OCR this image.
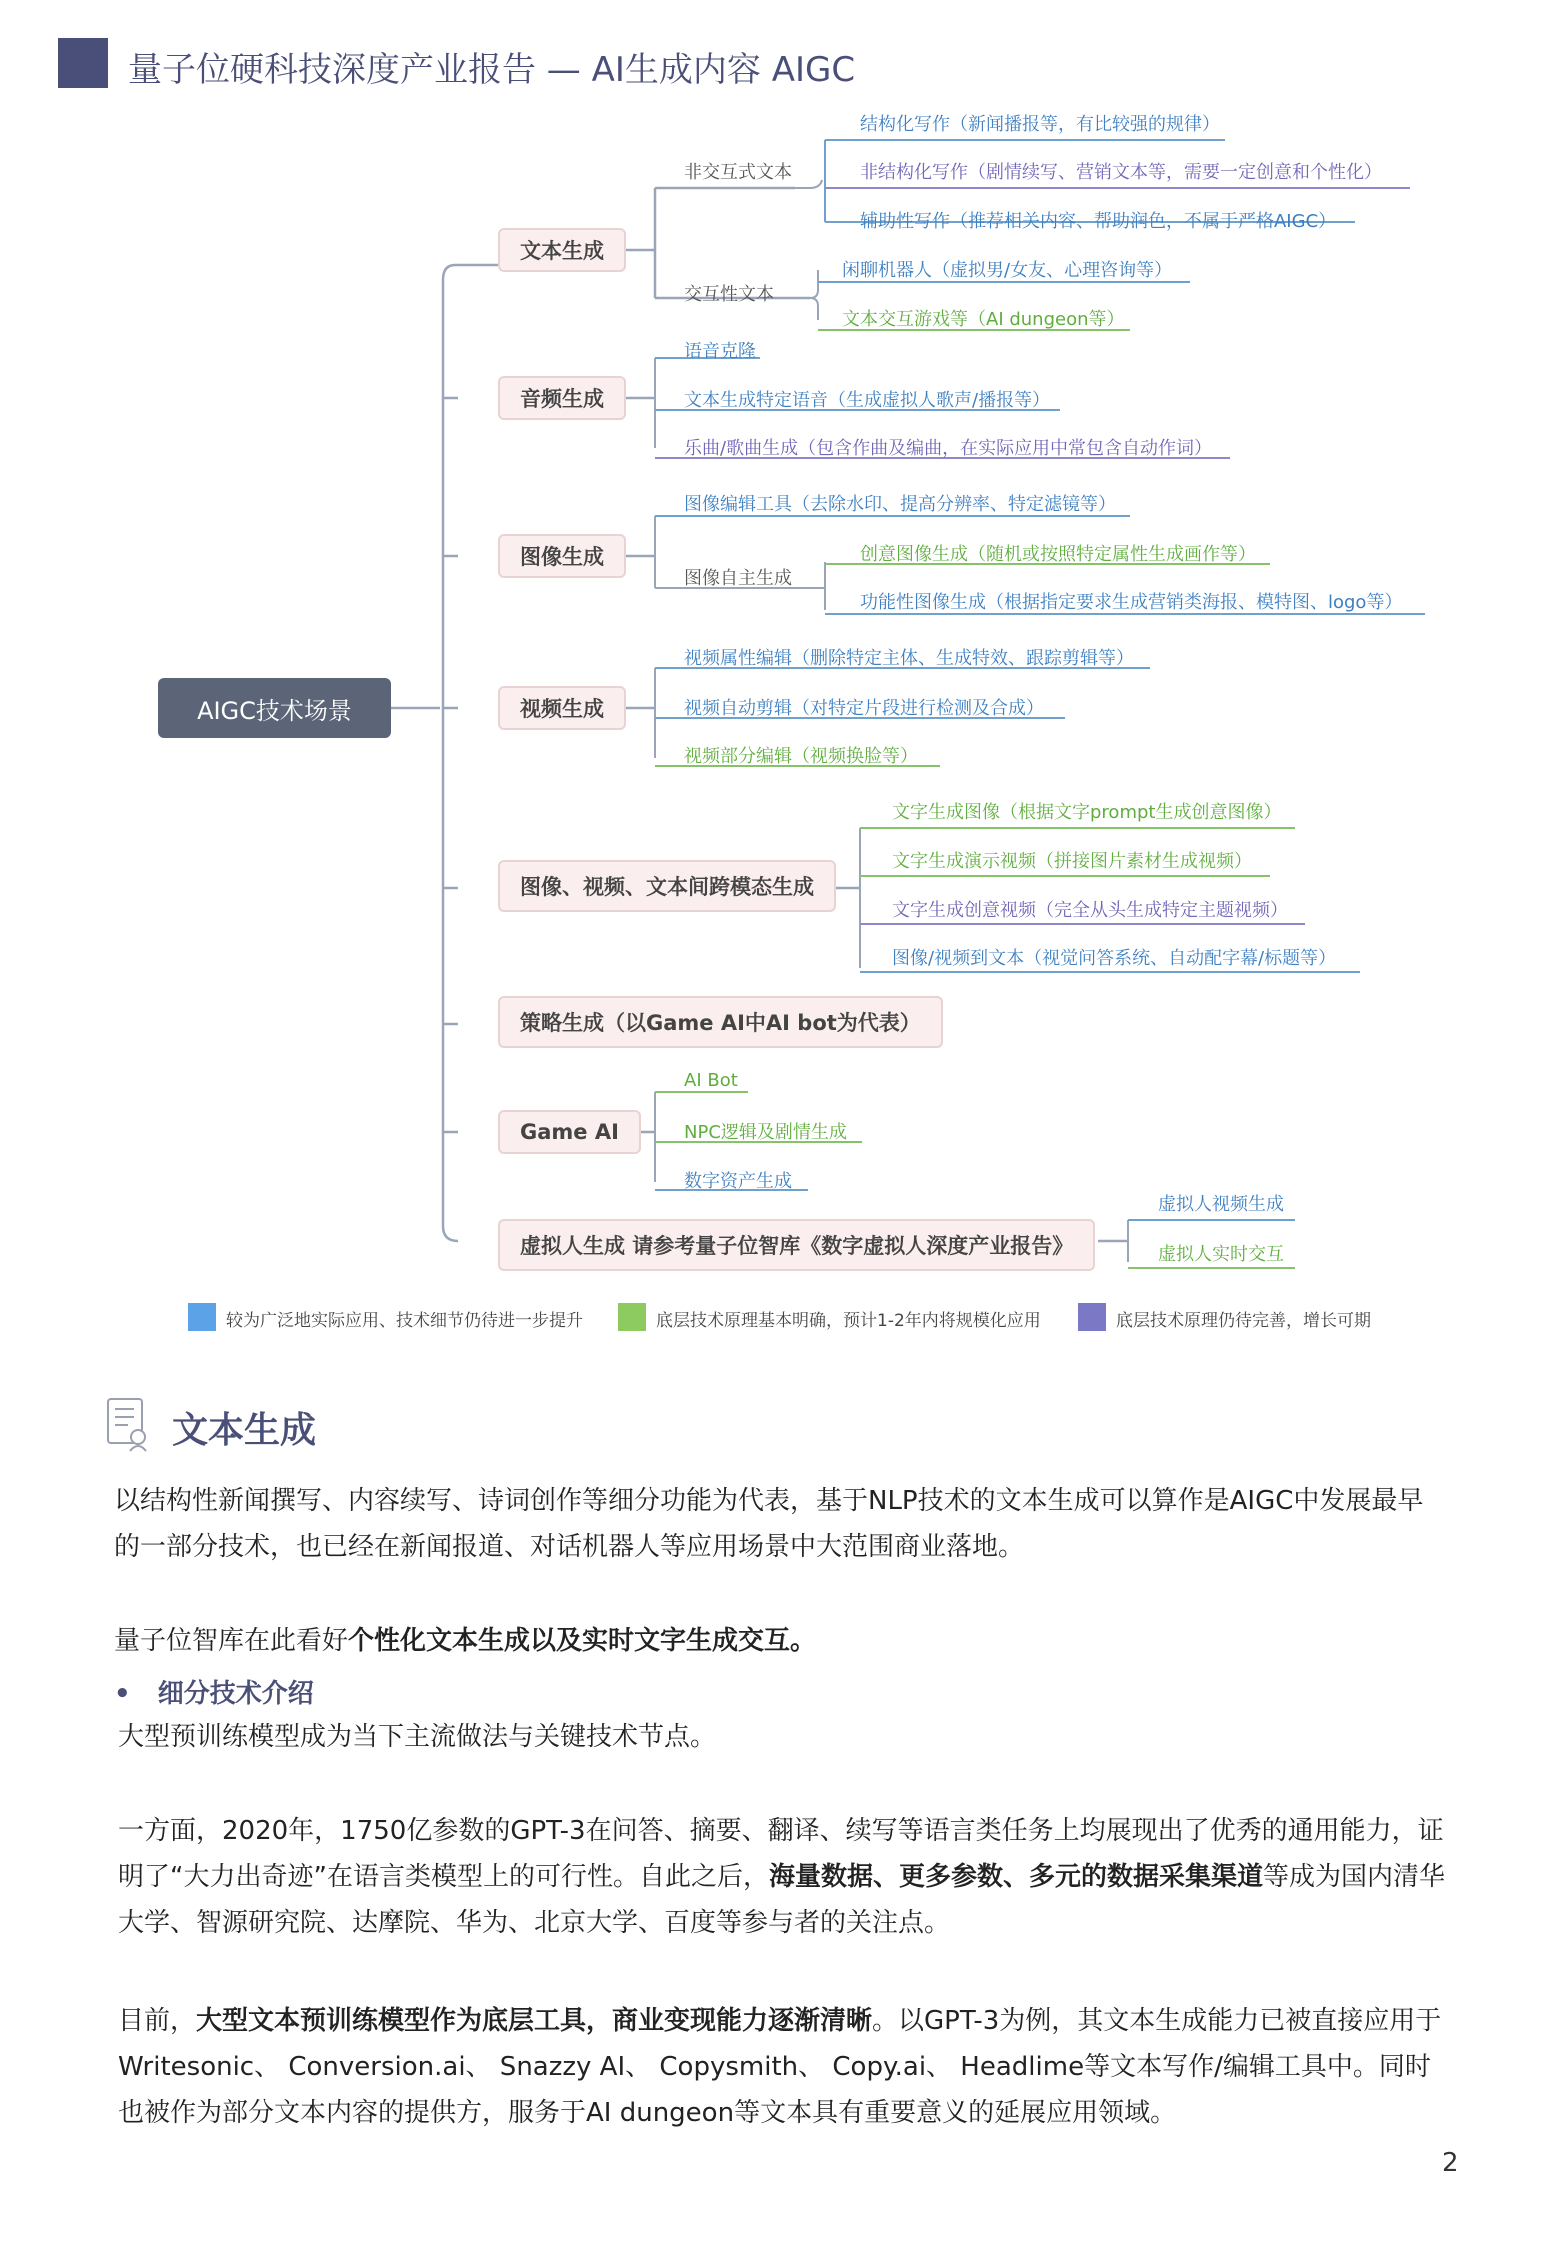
量子位硬科技深度产业报告 — AI生成内容 AIGC
AIGC技术场景
文本生成
音频生成
图像生成
视频生成
图像、视频、文本间跨模态生成
策略生成（以Game AI中AI bot为代表）
Game AI
虚拟人生成 请参考量子位智库《数字虚拟人深度产业报告》
非交互式文本
交互性文本
图像自主生成
结构化写作（新闻播报等，有比较强的规律）
非结构化写作（剧情续写、营销文本等，需要一定创意和个性化）
辅助性写作（推荐相关内容、帮助润色，不属于严格AIGC）
闲聊机器人（虚拟男/女友、心理咨询等）
文本交互游戏等（AI dungeon等）
语音克隆
文本生成特定语音（生成虚拟人歌声/播报等）
乐曲/歌曲生成（包含作曲及编曲，在实际应用中常包含自动作词）
图像编辑工具（去除水印、提高分辨率、特定滤镜等）
创意图像生成（随机或按照特定属性生成画作等）
功能性图像生成（根据指定要求生成营销类海报、模特图、logo等）
视频属性编辑（删除特定主体、生成特效、跟踪剪辑等）
视频自动剪辑（对特定片段进行检测及合成）
视频部分编辑（视频换脸等）
文字生成图像（根据文字prompt生成创意图像）
文字生成演示视频（拼接图片素材生成视频）
文字生成创意视频（完全从头生成特定主题视频）
图像/视频到文本（视觉问答系统、自动配字幕/标题等）
AI Bot
NPC逻辑及剧情生成
数字资产生成
虚拟人视频生成
虚拟人实时交互
较为广泛地实际应用、技术细节仍待进一步提升	底层技术原理基本明确，预计1-2年内将规模化应用	底层技术原理仍待完善，增长可期
文本生成
以结构性新闻撰写、内容续写、诗词创作等细分功能为代表，基于NLP技术的文本生成可以算作是AIGC中发展最早的一部分技术，也已经在新闻报道、对话机器人等应用场景中大范围商业落地。
量子位智库在此看好个性化文本生成以及实时文字生成交互。
•   细分技术介绍
大型预训练模型成为当下主流做法与关键技术节点。
一方面，2020年，1750亿参数的GPT-3在问答、摘要、翻译、续写等语言类任务上均展现出了优秀的通用能力，证明了“大力出奇迹”在语言类模型上的可行性。自此之后，海量数据、更多参数、多元的数据采集渠道等成为国内清华大学、智源研究院、达摩院、华为、北京大学、百度等参与者的关注点。
目前，大型文本预训练模型作为底层工具，商业变现能力逐渐清晰。以GPT-3为例，其文本生成能力已被直接应用于Writesonic、 Conversion.ai、 Snazzy AI、 Copysmith、 Copy.ai、 Headlime等文本写作/编辑工具中。同时也被作为部分文本内容的提供方，服务于AI dungeon等文本具有重要意义的延展应用领域。
2
